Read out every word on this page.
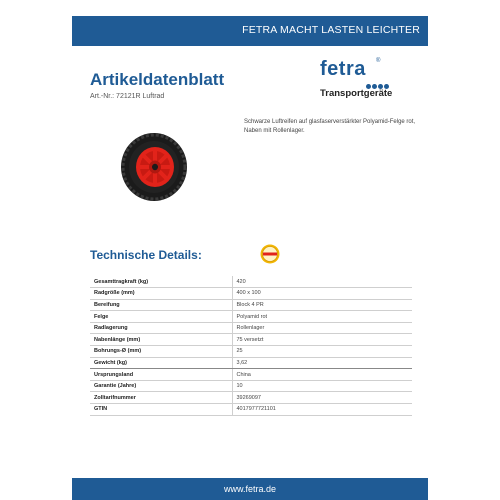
FETRA MACHT LASTEN LEICHTER
Artikeldatenblatt
Art.-Nr.: 72121R Luftrad
fetra ®
Transportgeräte
Schwarze Luftreifen auf glasfaserverstärkter Polyamid-Felge rot, Naben mit Rollenlager.
Technische Details:
Gesamttragkraft (kg)	420
Radgröße (mm)	400 x 100
Bereifung	Block 4 PR
Felge	Polyamid rot
Radlagerung	Rollenlager
Nabenlänge (mm)	75 versetzt
Bohrungs-Ø (mm)	25
Gewicht (kg)	3,62
Ursprungsland	China
Garantie (Jahre)	10
Zolltarifnummer	39269097
GTIN	4017977721101
www.fetra.de
